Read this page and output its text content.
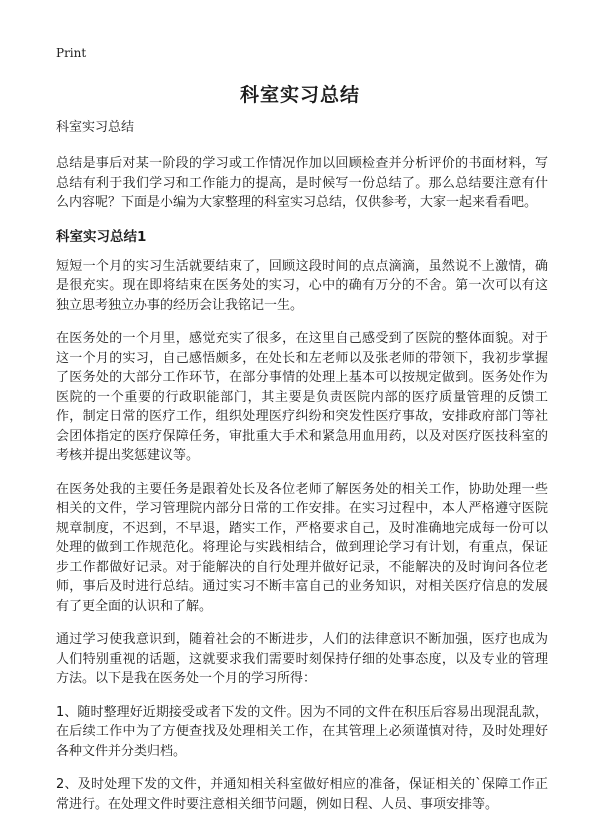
Print
科室实习总结
科室实习总结

总结是事后对某一阶段的学习或工作情况作加以回顾检查并分析评价的书面材料，写总结有利于我们学习和工作能力的提高，是时候写一份总结了。那么总结要注意有什么内容呢？下面是小编为大家整理的科室实习总结，仅供参考，大家一起来看看吧。

科室实习总结1

短短一个月的实习生活就要结束了，回顾这段时间的点点滴滴，虽然说不上激情，确是很充实。现在即将结束在医务处的实习，心中的确有万分的不舍。第一次可以有这独立思考独立办事的经历会让我铭记一生。

在医务处的一个月里，感觉充实了很多，在这里自己感受到了医院的整体面貌。对于这一个月的实习，自己感悟颇多，在处长和左老师以及张老师的带领下，我初步掌握了医务处的大部分工作环节，在部分事情的处理上基本可以按规定做到。医务处作为医院的一个重要的行政职能部门，其主要是负责医院内部的医疗质量管理的反馈工作，制定日常的医疗工作，组织处理医疗纠纷和突发性医疗事故，安排政府部门等社会团体指定的医疗保障任务，审批重大手术和紧急用血用药，以及对医疗医技科室的考核并提出奖惩建议等。

在医务处我的主要任务是跟着处长及各位老师了解医务处的相关工作，协助处理一些相关的文件，学习管理院内部分日常的工作安排。在实习过程中，本人严格遵守医院规章制度，不迟到，不早退，踏实工作，严格要求自己，及时准确地完成每一份可以处理的做到工作规范化。将理论与实践相结合，做到理论学习有计划，有重点，保证步工作都做好记录。对于能解决的自行处理并做好记录，不能解决的及时询问各位老师，事后及时进行总结。通过实习不断丰富自己的业务知识，对相关医疗信息的发展有了更全面的认识和了解。

通过学习使我意识到，随着社会的不断进步，人们的法律意识不断加强，医疗也成为人们特别重视的话题，这就要求我们需要时刻保持仔细的处事态度，以及专业的管理方法。以下是我在医务处一个月的学习所得：

1、随时整理好近期接受或者下发的文件。因为不同的文件在积压后容易出现混乱款，在后续工作中为了方便查找及处理相关工作，在其管理上必须谨慎对待，及时处理好各种文件并分类归档。

2、及时处理下发的文件，并通知相关科室做好相应的准备，保证相关的`保障工作正常进行。在处理文件时要注意相关细节问题，例如日程、人员、事项安排等。
